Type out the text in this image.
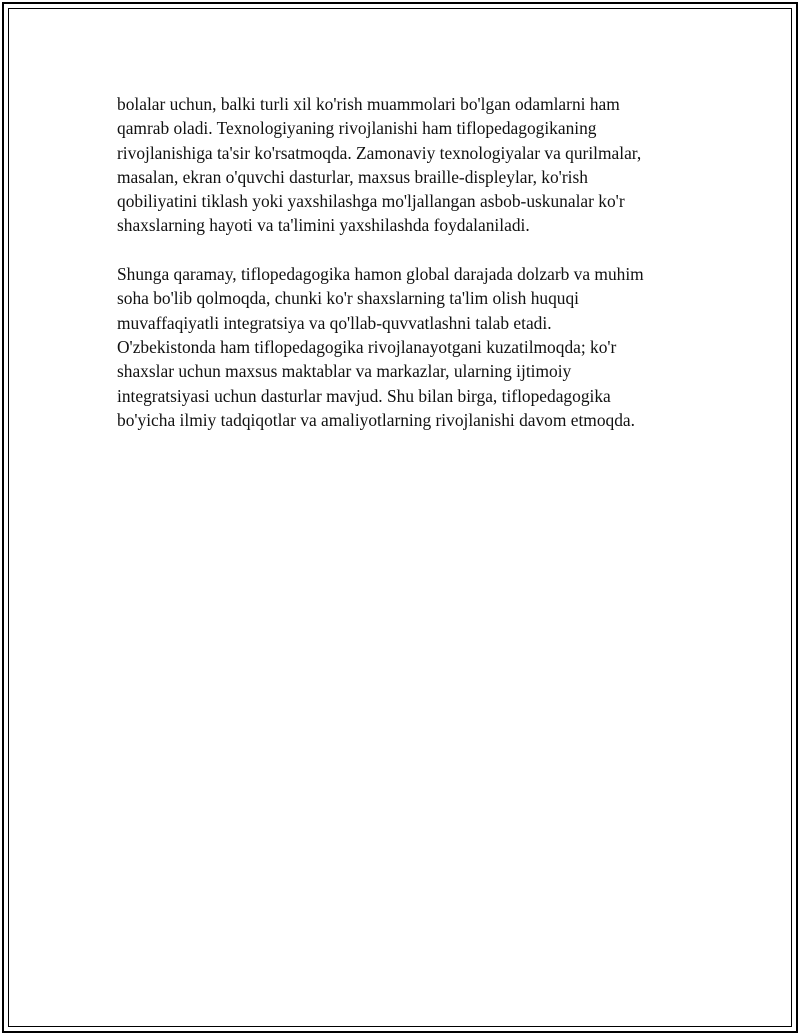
bolalar uchun, balki turli xil ko'rish muammolari bo'lgan odamlarni ham
qamrab oladi. Texnologiyaning rivojlanishi ham tiflopedagogikaning
rivojlanishiga ta'sir ko'rsatmoqda. Zamonaviy texnologiyalar va qurilmalar,
masalan, ekran o'quvchi dasturlar, maxsus braille-displeylar, ko'rish
qobiliyatini tiklash yoki yaxshilashga mo'ljallangan asbob-uskunalar ko'r
shaxslarning hayoti va ta'limini yaxshilashda foydalaniladi.

Shunga qaramay, tiflopedagogika hamon global darajada dolzarb va muhim
soha bo'lib qolmoqda, chunki ko'r shaxslarning ta'lim olish huquqi
muvaffaqiyatli integratsiya va qo'llab-quvvatlashni talab etadi.
O'zbekistonda ham tiflopedagogika rivojlanayotgani kuzatilmoqda; ko'r
shaxslar uchun maxsus maktablar va markazlar, ularning ijtimoiy
integratsiyasi uchun dasturlar mavjud. Shu bilan birga, tiflopedagogika
bo'yicha ilmiy tadqiqotlar va amaliyotlarning rivojlanishi davom etmoqda.
